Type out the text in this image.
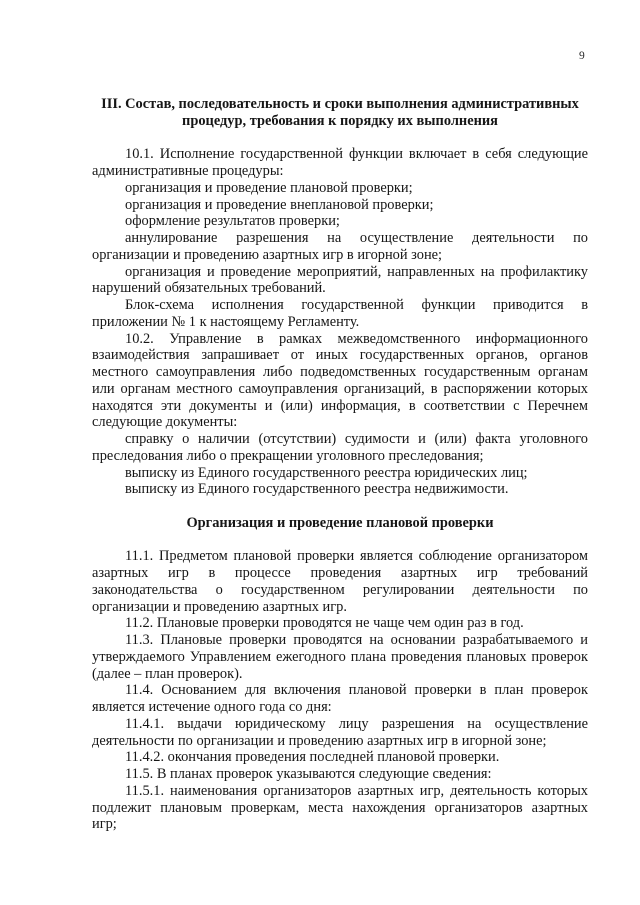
9
III. Состав, последовательность и сроки выполнения административных
процедур, требования к порядку их выполнения
10.1. Исполнение государственной функции включает в себя следующие
административные процедуры:
организация и проведение плановой проверки;
организация и проведение внеплановой проверки;
оформление результатов проверки;
аннулирование разрешения на осуществление деятельности по
организации и проведению азартных игр в игорной зоне;
организация и проведение мероприятий, направленных на профилактику
нарушений обязательных требований.
Блок-схема исполнения государственной функции приводится в
приложении № 1 к настоящему Регламенту.
10.2. Управление в рамках межведомственного информационного
взаимодействия запрашивает от иных государственных органов, органов
местного самоуправления либо подведомственных государственным органам
или органам местного самоуправления организаций, в распоряжении которых
находятся эти документы и (или) информация, в соответствии с Перечнем
следующие документы:
справку о наличии (отсутствии) судимости и (или) факта уголовного
преследования либо о прекращении уголовного преследования;
выписку из Единого государственного реестра юридических лиц;
выписку из Единого государственного реестра недвижимости.
Организация и проведение плановой проверки
11.1. Предметом плановой проверки является соблюдение организатором
азартных игр в процессе проведения азартных игр требований
законодательства о государственном регулировании деятельности по
организации и проведению азартных игр.
11.2. Плановые проверки проводятся не чаще чем один раз в год.
11.3. Плановые проверки проводятся на основании разрабатываемого и
утверждаемого Управлением ежегодного плана проведения плановых проверок
(далее – план проверок).
11.4. Основанием для включения плановой проверки в план проверок
является истечение одного года со дня:
11.4.1. выдачи юридическому лицу разрешения на осуществление
деятельности по организации и проведению азартных игр в игорной зоне;
11.4.2. окончания проведения последней плановой проверки.
11.5. В планах проверок указываются следующие сведения:
11.5.1. наименования организаторов азартных игр, деятельность которых
подлежит плановым проверкам, места нахождения организаторов азартных
игр;
